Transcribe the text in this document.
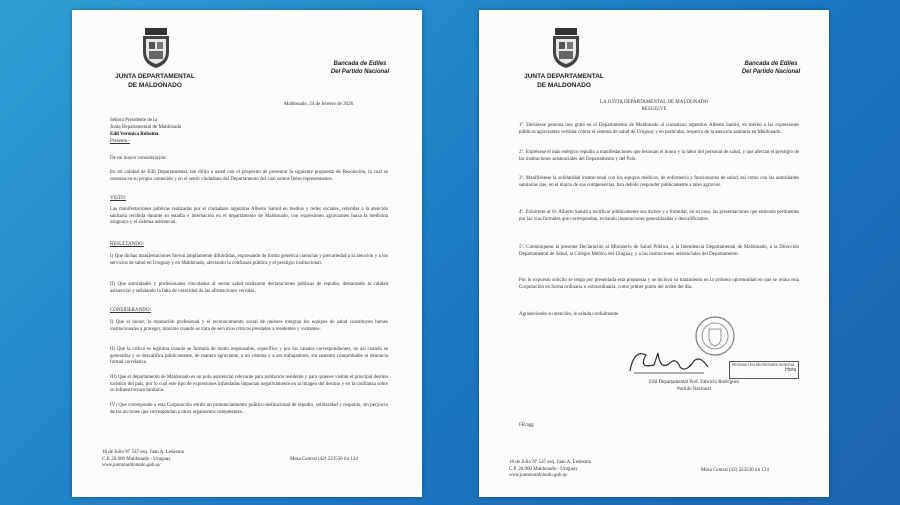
JUNTA DEPARTAMENTAL
DE MALDONADO
Bancada de Ediles
Del Partido Nacional
Maldonado, 24 de febrero de 2026.
Señora Presidente de la
Junta Departamental de Maldonado
Edil Verónica Robaina
Presente.-
De mi mayor consideración:
En mi calidad de Edil Departamental, me dirijo a usted con el propósito de presentar la siguiente propuesta de Resolución, la cual se sustenta en su propio contenido y en el sentir ciudadano del Departamento del cual somos fieles representantes.
VISTO:
Las manifestaciones públicas realizadas por el ciudadano argentino Alberto Samid en medios y redes sociales, referidas a la atención sanitaria recibida durante su estadía e internación en el departamento de Maldonado, con expresiones agraviantes hacia la medicina uruguaya y el sistema asistencial.
RESULTANDO:
I) Que dichas manifestaciones fueron ampliamente difundidas, expresando de forma genérica carencias y precariedad a la atención y a los servicios de salud en Uruguay y en Maldonado, afectando la confianza pública y el prestigio institucional.
II) Que autoridades y profesionales vinculados al sector salud realizaron declaraciones públicas de repudio, destacando la calidad asistencial y señalando la falta de veracidad de las afirmaciones vertidas.
CONSIDERANDO:
I) Que el honor, la reputación profesional y el reconocimiento social de quienes integran los equipos de salud constituyen bienes institucionales a proteger, máxime cuando se trata de servicios críticos prestados a residentes y visitantes.
II) Que la crítica es legítima cuando se formula de modo responsable, específico y por los canales correspondientes, no así cuando se generaliza y se descalifica públicamente, de manera agraviante, a un sistema y a sus trabajadores, sin sustento comprobable ni denuncia formal correlativa.
III) Que el departamento de Maldonado es un polo asistencial relevante para población residente y para quienes visitan el principal destino turístico del país, por lo cual este tipo de expresiones infundadas impactan negativamente en la imagen del destino y en la confianza sobre su infraestructura sanitaria.
IV) Que corresponde a esta Corporación emitir un pronunciamiento político-institucional de repudio, solidaridad y respaldo, sin perjuicio de las acciones que correspondan a otros organismos competentes.
18 de Julio Nº 547 esq. Juan A. Ledesma
C.P. 20.000 Maldonado - Uruguay
www.juntamaldonado.gub.uy
Mesa Central (42) 223530 int 124
JUNTA DEPARTAMENTAL
DE MALDONADO
Bancada de Ediles
Del Partido Nacional
LA JUNTA DEPARTAMENTAL DE MALDONADO
RESUELVE
1º. Declárese persona non grata en el Departamento de Maldonado al ciudadano argentino Alberto Samid, en mérito a las expresiones públicas agraviantes vertidas contra el sistema de salud de Uruguay y en particular, respecto de la atención sanitaria en Maldonado.
2º. Exprésese el más enérgico repudio a manifestaciones que lesionan el honor y la labor del personal de salud, y que afectan el prestigio de las instituciones asistenciales del Departamento y del País.
3º. Manifiéstese la solidaridad institucional con los equipos médicos, de enfermería y funcionarios de salud, así como con las autoridades sanitarias que, en el marco de sus competencias, han debido responder públicamente a tales agravios.
4º. Exhórtese al Sr. Alberto Samid a rectificar públicamente sus dichos y a formular, en su caso, las presentaciones que entienda pertinentes por las vías formales que correspondan, evitando imputaciones generalizadas y descalificantes.
5º. Comuníquese la presente Declaración al Ministerio de Salud Pública, a la Intendencia Departamental de Maldonado, a la Dirección Departamental de Salud, al Colegio Médico del Uruguay, y a las instituciones asistenciales del Departamento.
Por lo expuesto solicito se tenga por presentada esta propuesta y se incluya su tratamiento en la primera oportunidad en que se reúna esta Corporación en forma ordinaria o extraordinaria, como primer punto del orden del día.
Agradeciendo su atención, le saluda cordialmente
RECIBIDO EN SECRETARÍA GENERAL
Hora
Edil Departamental Prof. Fabricio Rodríguez
Partido Nacional
FR/agg
18 de Julio Nº 547 esq. Juan A. Ledesma
C.P. 20.000 Maldonado - Uruguay
www.juntamaldonado.gub.uy
Mesa Central (42) 223530 int 124
